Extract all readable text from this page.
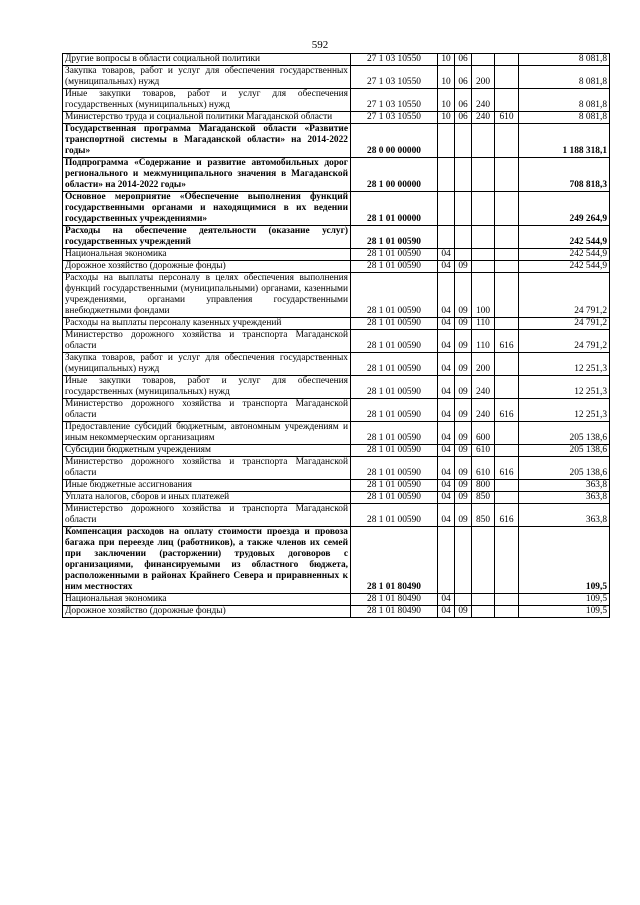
592
Другие вопросы в области социальной политики	27 1 03 10550	10	06			8 081,8
Закупка товаров, работ и услуг для обеспечения государственных (муниципальных) нужд	27 1 03 10550	10	06	200		8 081,8
Иные закупки товаров, работ и услуг для обеспечения государственных (муниципальных) нужд	27 1 03 10550	10	06	240		8 081,8
Министерство труда и социальной политики Магаданской области	27 1 03 10550	10	06	240	610	8 081,8
Государственная программа Магаданской области «Развитие транспортной системы в Магаданской области» на 2014-2022 годы»	28 0 00 00000					1 188 318,1
Подпрограмма «Содержание и развитие автомобильных дорог регионального и межмуниципального значения в Магаданской области» на 2014-2022 годы»	28 1 00 00000					708 818,3
Основное мероприятие «Обеспечение выполнения функций государственными органами и находящимися в их ведении государственных учреждениями»	28 1 01 00000					249 264,9
Расходы на обеспечение деятельности (оказание услуг) государственных учреждений	28 1 01 00590					242 544,9
Национальная экономика	28 1 01 00590	04				242 544,9
Дорожное хозяйство (дорожные фонды)	28 1 01 00590	04	09			242 544,9
Расходы на выплаты персоналу в целях обеспечения выполнения функций государственными (муниципальными) органами, казенными учреждениями, органами управления государственными внебюджетными фондами	28 1 01 00590	04	09	100		24 791,2
Расходы на выплаты персоналу казенных учреждений	28 1 01 00590	04	09	110		24 791,2
Министерство дорожного хозяйства и транспорта Магаданской области	28 1 01 00590	04	09	110	616	24 791,2
Закупка товаров, работ и услуг для обеспечения государственных (муниципальных) нужд	28 1 01 00590	04	09	200		12 251,3
Иные закупки товаров, работ и услуг для обеспечения государственных (муниципальных) нужд	28 1 01 00590	04	09	240		12 251,3
Министерство дорожного хозяйства и транспорта Магаданской области	28 1 01 00590	04	09	240	616	12 251,3
Предоставление субсидий бюджетным, автономным учреждениям и иным некоммерческим организациям	28 1 01 00590	04	09	600		205 138,6
Субсидии бюджетным учреждениям	28 1 01 00590	04	09	610		205 138,6
Министерство дорожного хозяйства и транспорта Магаданской области	28 1 01 00590	04	09	610	616	205 138,6
Иные бюджетные ассигнования	28 1 01 00590	04	09	800		363,8
Уплата налогов, сборов и иных платежей	28 1 01 00590	04	09	850		363,8
Министерство дорожного хозяйства и транспорта Магаданской области	28 1 01 00590	04	09	850	616	363,8
Компенсация расходов на оплату стоимости проезда и провоза багажа при переезде лиц (работников), а также членов их семей при заключении (расторжении) трудовых договоров с организациями, финансируемыми из областного бюджета, расположенными в районах Крайнего Севера и приравненных к ним местностях	28 1 01 80490					109,5
Национальная экономика	28 1 01 80490	04				109,5
Дорожное хозяйство (дорожные фонды)	28 1 01 80490	04	09			109,5
